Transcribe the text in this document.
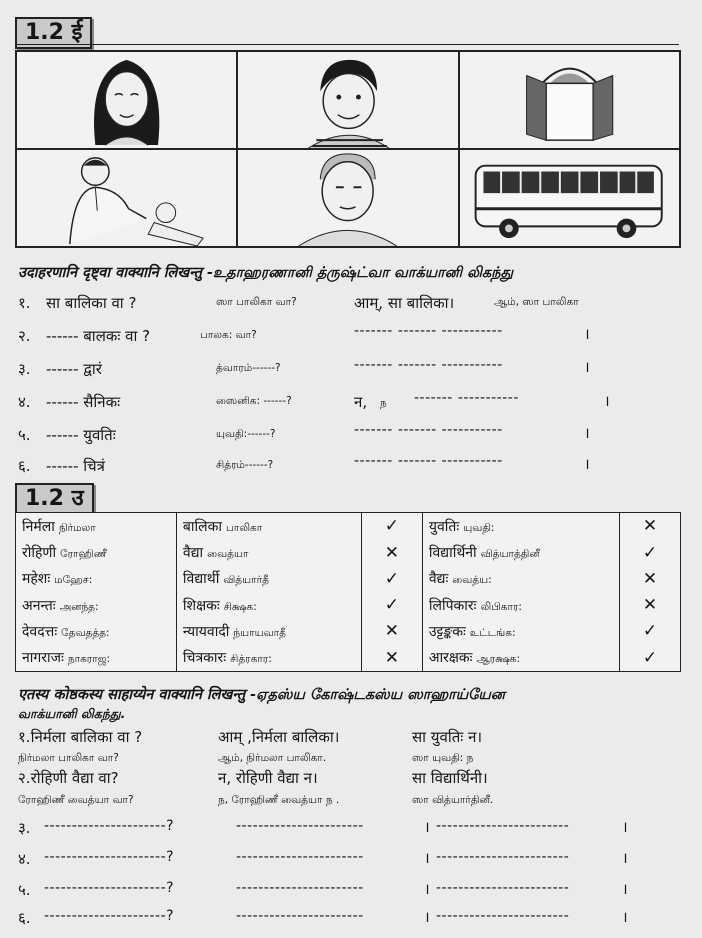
1.2 ई
उदाहरणानि दृष्ट्वा वाक्यानि लिखन्तु -உதாஹரணானி த்ருஷ்ட்வா வாக்யானி லிகந்து
१. सा बालिका वा ?	ஸா பாலிகா வா?	आम्, सा बालिका।	ஆம், ஸா பாலிகா
२. ------ बालकः वा ?	பாலக: வா?	------- ------- -----------	।
३. ------ द्वारं	த்வாரம்------?	------- ------- -----------	।
४. ------ सैनिकः	ஸைனிக: ------?	न, ந ------- -----------	।
५. ------ युवतिः	யுவதி:------?	------- ------- -----------	।
६. ------ चित्रं	சித்ரம்------?	------- ------- -----------	।
1.2 उ
निर्मला நிர்மலா	बालिका பாலிகா	✓	युवतिः யுவதி:	✕
रोहिणी ரோஹிணீ	वैद्या வைத்யா	✕	विद्यार्थिनी வித்யாத்தினீ	✓
महेशः மஹேச:	विद्यार्थी வித்யார்தீ	✓	वैद्यः வைத்ய:	✕
अनन्तः அனந்த:	शिक्षकः சிக்ஷக:	✓	लिपिकारः லிபிகார:	✕
देवदत्तः தேவதத்த:	न्यायवादी ந்யாயவாதீ	✕	उट्टङ्ककः உட்டங்க:	✓
नागराजः நாகராஜ:	चित्रकारः சித்ரகார:	✕	आरक्षकः ஆரக்ஷக:	✓
एतस्य कोष्ठकस्य साहाय्येन वाक्यानि लिखन्तु -ஏதஸ்ய கோஷ்டகஸ்ய ஸாஹாய்யேன
வாக்யானி லிகந்து.
१.निर्मला बालिका वा ?	आम् ,निर्मला बालिका।	सा युवतिः न।
நிர்மலா பாலிகா வா?	ஆம், நிர்மலா பாலிகா.	ஸா யுவதி: ந
२.रोहिणी वैद्या वा?	न, रोहिणी वैद्या न।	सा विद्यार्थिनी।
ரோஹிணீ வைத்யா வா?	ந, ரோஹிணீ வைத்யா ந .	ஸா வித்யார்தினீ.
३. ----------------------?	-----------------------	। ------------------------	।
४. ----------------------?	-----------------------	। ------------------------	।
५. ----------------------?	-----------------------	। ------------------------	।
६. ----------------------?	-----------------------	। ------------------------	।
